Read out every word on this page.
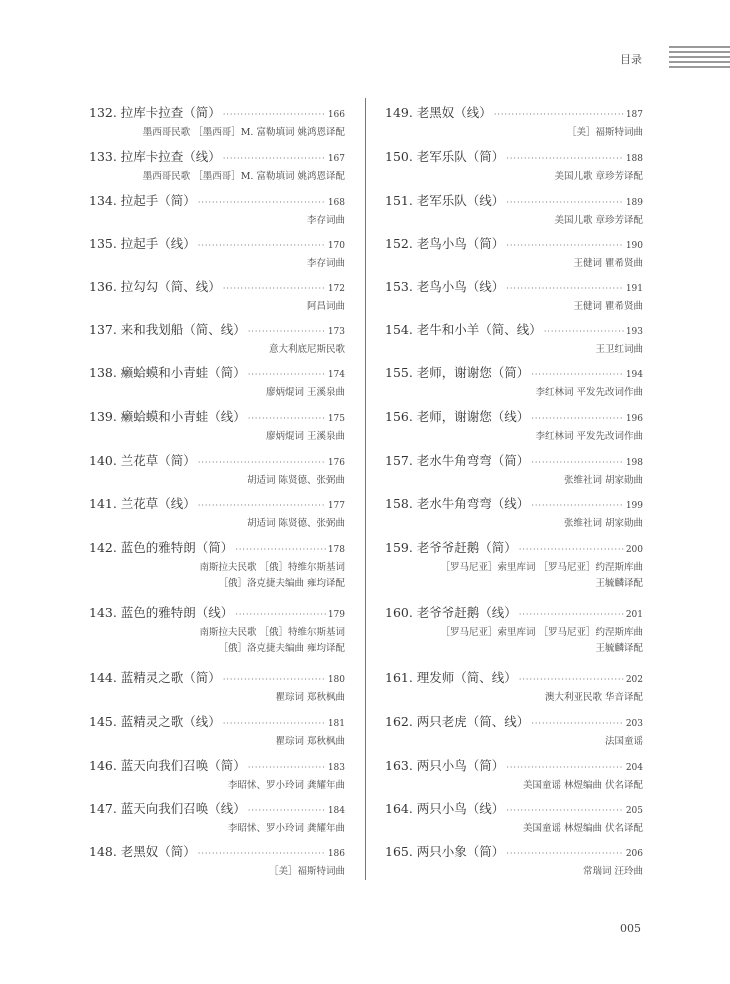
目录
132. 拉库卡拉查（简） ·····	166
墨西哥民歌 ［墨西哥］M. 富勒填词 姚鸿恩译配
133. 拉库卡拉查（线） ·····	167
墨西哥民歌 ［墨西哥］M. 富勒填词 姚鸿恩译配
134. 拉起手（简） ·····	168
李存词曲
135. 拉起手（线） ·····	170
李存词曲
136. 拉勾勾（简、线） ·····	172
阿昌词曲
137. 来和我划船（简、线） ·····	173
意大利底尼斯民歌
138. 癞蛤蟆和小青蛙（简） ·····	174
廖炳焜词 王溪泉曲
139. 癞蛤蟆和小青蛙（线） ·····	175
廖炳焜词 王溪泉曲
140. 兰花草（简） ·····	176
胡适词 陈贤德、张弼曲
141. 兰花草（线） ·····	177
胡适词 陈贤德、张弼曲
142. 蓝色的雅特朗（简） ·····	178
南斯拉夫民歌 ［俄］特维尔斯基词
［俄］洛克捷夫编曲 雍均译配
143. 蓝色的雅特朗（线） ·····	179
南斯拉夫民歌 ［俄］特维尔斯基词
［俄］洛克捷夫编曲 雍均译配
144. 蓝精灵之歌（简） ·····	180
瞿琮词 郑秋枫曲
145. 蓝精灵之歌（线） ·····	181
瞿琮词 郑秋枫曲
146. 蓝天向我们召唤（简） ·····	183
李昭怵、罗小玲词 龚耀年曲
147. 蓝天向我们召唤（线） ·····	184
李昭怵、罗小玲词 龚耀年曲
148. 老黑奴（简） ·····	186
［美］福斯特词曲
149. 老黑奴（线） ·····	187
［美］福斯特词曲
150. 老军乐队（简） ·····	188
美国儿歌 章珍芳译配
151. 老军乐队（线） ·····	189
美国儿歌 章珍芳译配
152. 老鸟小鸟（简） ·····	190
王健词 瞿希贤曲
153. 老鸟小鸟（线） ·····	191
王健词 瞿希贤曲
154. 老牛和小羊（简、线） ·····	193
王卫红词曲
155. 老师，谢谢您（简） ·····	194
李红林词 平发先改词作曲
156. 老师，谢谢您（线） ·····	196
李红林词 平发先改词作曲
157. 老水牛角弯弯（简） ·····	198
张维社词 胡家勋曲
158. 老水牛角弯弯（线） ·····	199
张维社词 胡家勋曲
159. 老爷爷赶鹅（简） ·····	200
［罗马尼亚］索里库词 ［罗马尼亚］约涅斯库曲
王毓麟译配
160. 老爷爷赶鹅（线） ·····	201
［罗马尼亚］索里库词 ［罗马尼亚］约涅斯库曲
王毓麟译配
161. 理发师（简、线） ·····	202
澳大利亚民歌 华音译配
162. 两只老虎（简、线） ·····	203
法国童谣
163. 两只小鸟（简） ·····	204
美国童谣 林煜编曲 伏名译配
164. 两只小鸟（线） ·····	205
美国童谣 林煜编曲 伏名译配
165. 两只小象（简） ·····	206
常瑞词 汪玲曲
005
